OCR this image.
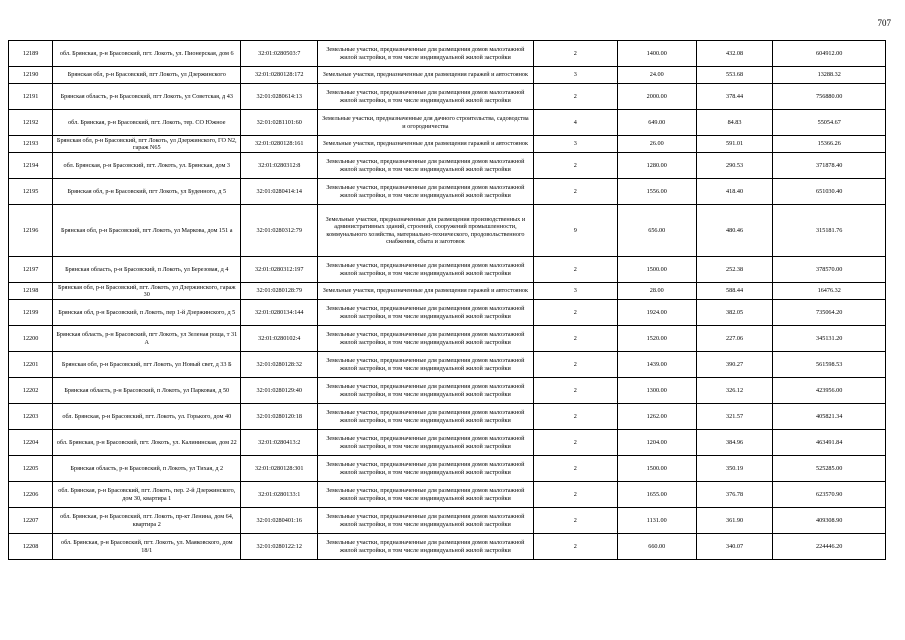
707
12189	обл. Брянская, р-н Брасовский, пгт. Локоть, ул. Пионерская, дом 6	32:01:0280503:7	Земельные участки, предназначенные для размещения домов малоэтажной жилой застройки, в том числе индивидуальной жилой застройки	2	1400.00	432.08	604912.00
12190	Брянская обл, р-н Брасовский, пгт Локоть, ул Дзержинского	32:01:0280128:172	Земельные участки, предназначенные для размещения гаражей и автостоянок	3	24.00	553.68	13288.32
12191	Брянская область, р-н Брасовский, пгт Локоть, ул Советская, д 43	32:01:0280614:13	Земельные участки, предназначенные для размещения домов малоэтажной жилой застройки, в том числе индивидуальной жилой застройки	2	2000.00	378.44	756880.00
12192	обл. Брянская, р-н Брасовский, пгт. Локоть, тер. СО Южное	32:01:0281101:60	Земельные участки, предназначенные для дачного строительства, садоводства и огородничества	4	649.00	84.83	55054.67
12193	Брянская обл, р-н Брасовский, пгт Локоть, ул Дзержинского, ГО N2, гараж N65	32:01:0280128:161	Земельные участки, предназначенные для размещения гаражей и автостоянок	3	26.00	591.01	15366.26
12194	обл. Брянская, р-н Брасовский, пгт. Локоть, ул. Брянская, дом 3	32:01:0280312:8	Земельные участки, предназначенные для размещения домов малоэтажной жилой застройки, в том числе индивидуальной жилой застройки	2	1280.00	290.53	371878.40
12195	Брянская обл, р-н Брасовский, пгт Локоть, ул Буденного, д 5	32:01:0280414:14	Земельные участки, предназначенные для размещения домов малоэтажной жилой застройки, в том числе индивидуальной жилой застройки	2	1556.00	418.40	651030.40
12196	Брянская обл, р-н Брасовский, пгт Локоть, ул Маркова, дом 151 а	32:01:0280312:79	Земельные участки, предназначенные для размещения производственных и административных зданий, строений, сооружений промышленности, коммунального хозяйства, материально-технического, продовольственного снабжения, сбыта и заготовок	9	656.00	480.46	315181.76
12197	Брянская область, р-н Брасовский, п Локоть, ул Березовая, д 4	32:01:0280312:197	Земельные участки, предназначенные для размещения домов малоэтажной жилой застройки, в том числе индивидуальной жилой застройки	2	1500.00	252.38	378570.00
12198	Брянская обл, р-н Брасовский, пгт. Локоть, ул Дзержинского, гараж 30	32:01:0280128:79	Земельные участки, предназначенные для размещения гаражей и автостоянок	3	28.00	588.44	16476.32
12199	Брянская обл, р-н Брасовский, п Локоть, пер 1-й Дзержинского, д 5	32:01:0280134:144	Земельные участки, предназначенные для размещения домов малоэтажной жилой застройки, в том числе индивидуальной жилой застройки	2	1924.00	382.05	735064.20
12200	Брянская область, р-н Брасовский, пгт Локоть, ул Зеленая роща, т 31 А	32:01:0280102:4	Земельные участки, предназначенные для размещения домов малоэтажной жилой застройки, в том числе индивидуальной жилой застройки	2	1520.00	227.06	345131.20
12201	Брянская обл, р-н Брасовский, пгт Локоть, ул Новый свет, д 33 Б	32:01:0280128:32	Земельные участки, предназначенные для размещения домов малоэтажной жилой застройки, в том числе индивидуальной жилой застройки	2	1439.00	390.27	561598.53
12202	Брянская область, р-н Брасовский, п Локоть, ул Парковая, д 50	32:01:0280129:40	Земельные участки, предназначенные для размещения домов малоэтажной жилой застройки, в том числе индивидуальной жилой застройки	2	1300.00	326.12	423956.00
12203	обл. Брянская, р-н Брасовский, пгт. Локоть, ул. Горького, дом 40	32:01:0280120:18	Земельные участки, предназначенные для размещения домов малоэтажной жилой застройки, в том числе индивидуальной жилой застройки	2	1262.00	321.57	405821.34
12204	обл. Брянская, р-н Брасовский, пгт. Локоть, ул. Калининская, дом 22	32:01:0280413:2	Земельные участки, предназначенные для размещения домов малоэтажной жилой застройки, в том числе индивидуальной жилой застройки	2	1204.00	384.96	463491.84
12205	Брянская область, р-н Брасовский, п Локоть, ул Тихая, д 2	32:01:0280128:301	Земельные участки, предназначенные для размещения домов малоэтажной жилой застройки, в том числе индивидуальной жилой застройки	2	1500.00	350.19	525285.00
12206	обл. Брянская, р-н Брасовский, пгт. Локоть, пер. 2-й Дзержинского, дом 30, квартира 1	32:01:0280133:1	Земельные участки, предназначенные для размещения домов малоэтажной жилой застройки, в том числе индивидуальной жилой застройки	2	1655.00	376.78	623570.90
12207	обл. Брянская, р-н Брасовский, пгт. Локоть, пр-кт Ленина, дом 64, квартира 2	32:01:0280401:16	Земельные участки, предназначенные для размещения домов малоэтажной жилой застройки, в том числе индивидуальной жилой застройки	2	1131.00	361.90	409308.90
12208	обл. Брянская, р-н Брасовский, пгт. Локоть, ул. Маяковского, дом 18/1	32:01:0280122:12	Земельные участки, предназначенные для размещения домов малоэтажной жилой застройки, в том числе индивидуальной жилой застройки	2	660.00	340.07	224446.20
